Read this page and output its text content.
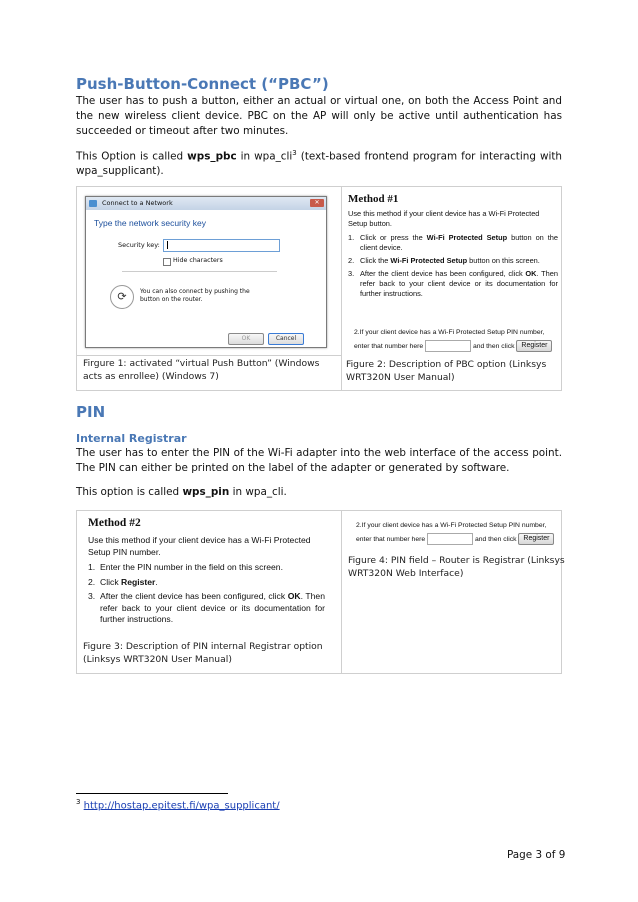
Push-Button-Connect (“PBC”)

The user has to push a button, either an actual or virtual one, on both the Access Point and the new wireless client device. PBC on the AP will only be active until authentication has succeeded or timeout after two minutes.

This Option is called wps_pbc in wpa_cli$^3$ (text-based frontend program for interacting with wpa_supplicant).

Connect to a Network	✕
Type the network security key
Security key:
Hide characters
⟳	You can also connect by pushing the button on the router.
OK	Cancel

Method #1
Use this method if your client device has a Wi-Fi Protected Setup button.
1. Click or press the Wi-Fi Protected Setup button on the client device.
2. Click the Wi-Fi Protected Setup button on this screen.
3. After the client device has been configured, click OK. Then refer back to your client device or its documentation for further instructions.
2.If your client device has a Wi-Fi Protected Setup PIN number,
enter that number here	and then click Register
Figure 2: Description of PBC option (Linksys WRT320N User Manual)

Firgure 1: activated “virtual Push Button” (Windows acts as enrollee) (Windows 7)
PIN
Internal Registrar

The user has to enter the PIN of the Wi-Fi adapter into the web interface of the access point. The PIN can either be printed on the label of the adapter or generated by software.

This option is called wps_pin in wpa_cli.

Method #2
Use this method if your client device has a Wi-Fi Protected Setup PIN number.
1. Enter the PIN number in the field on this screen.
2. Click Register.
3. After the client device has been configured, click OK. Then refer back to your client device or its documentation for further instructions.
Figure 3: Description of PIN internal Registrar option (Linksys WRT320N User Manual)

2.If your client device has a Wi-Fi Protected Setup PIN number,
enter that number here	and then click Register
Figure 4: PIN field – Router is Registrar (Linksys WRT320N Web Interface)
$^3$ http://hostap.epitest.fi/wpa_supplicant/
Page 3 of 9
